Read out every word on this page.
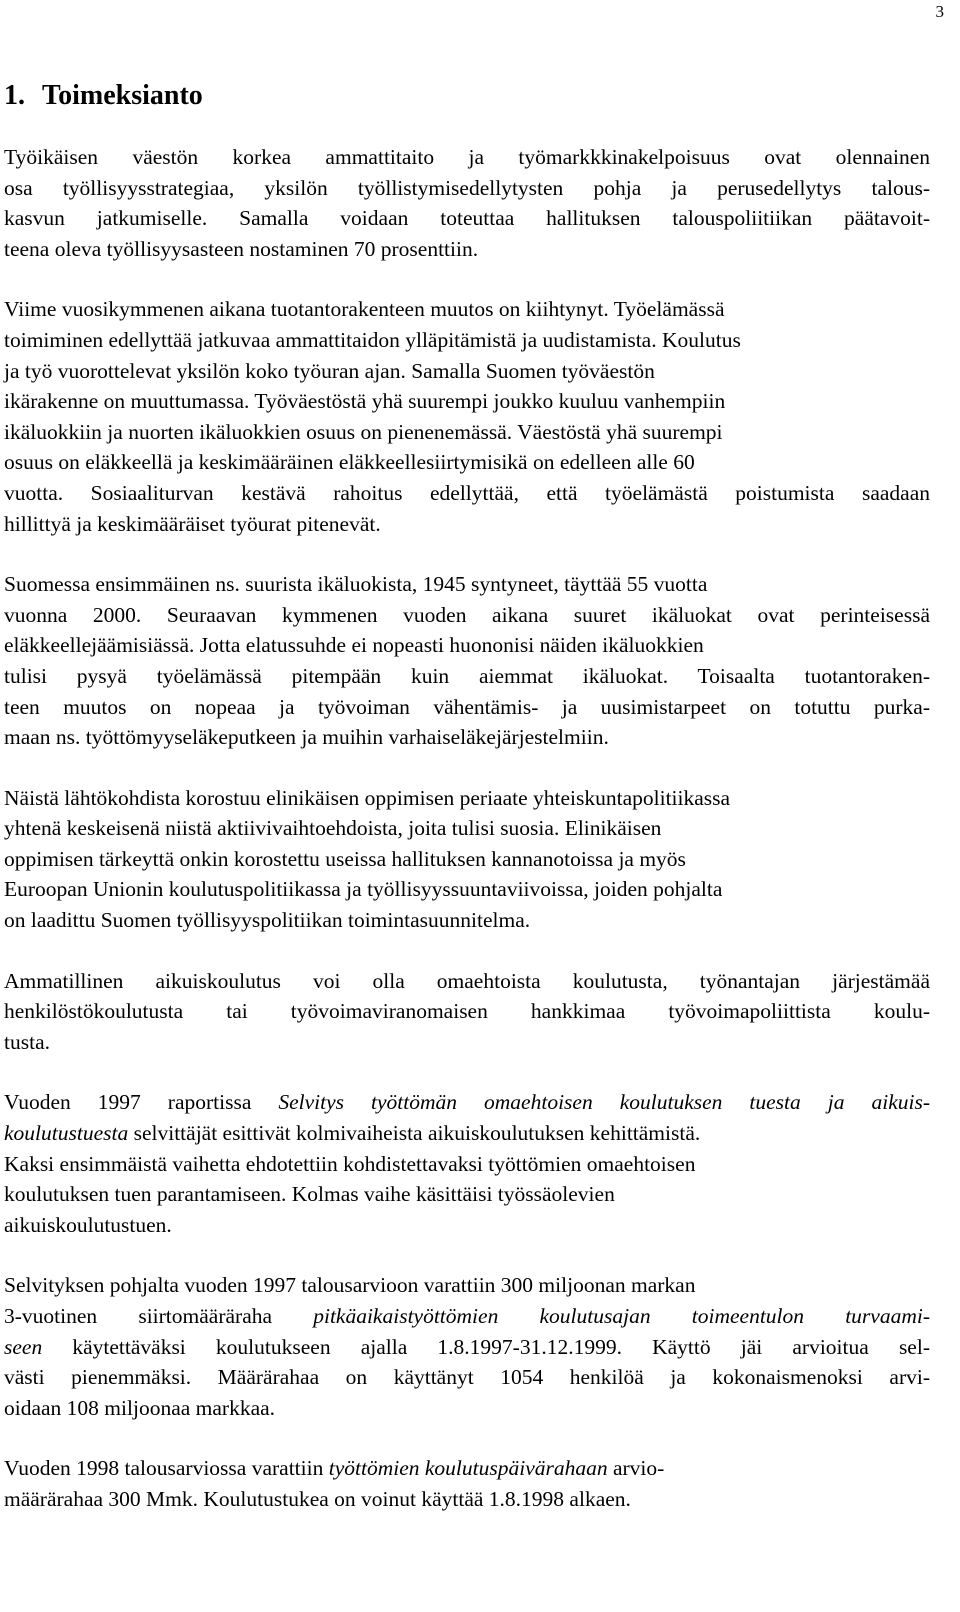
3
1. Toimeksianto
Työikäisen väestön korkea ammattitaito ja työmarkkkinakelpoisuus ovat olennainen
osa työllisyysstrategiaa, yksilön työllistymisedellytysten pohja ja perusedellytys talous-
kasvun jatkumiselle. Samalla voidaan toteuttaa hallituksen talouspoliitiikan päätavoit-
teena oleva työllisyysasteen nostaminen 70 prosenttiin.
Viime vuosikymmenen aikana tuotantorakenteen muutos on kiihtynyt. Työelämässä
toimiminen edellyttää jatkuvaa ammattitaidon ylläpitämistä ja uudistamista. Koulutus
ja työ vuorottelevat yksilön koko työuran ajan. Samalla Suomen työväestön
ikärakenne on muuttumassa. Työväestöstä yhä suurempi joukko kuuluu vanhempiin
ikäluokkiin ja nuorten ikäluokkien osuus on pienenemässä. Väestöstä yhä suurempi
osuus on eläkkeellä ja keskimääräinen eläkkeellesiirtymisikä on edelleen alle 60
vuotta. Sosiaaliturvan kestävä rahoitus edellyttää, että työelämästä poistumista saadaan
hillittyä ja keskimääräiset työurat pitenevät.
Suomessa ensimmäinen ns. suurista ikäluokista, 1945 syntyneet, täyttää 55 vuotta
vuonna 2000. Seuraavan kymmenen vuoden aikana suuret ikäluokat ovat perinteisessä
eläkkeellejäämisiässä. Jotta elatussuhde ei nopeasti huononisi näiden ikäluokkien
tulisi pysyä työelämässä pitempään kuin aiemmat ikäluokat. Toisaalta tuotantoraken-
teen muutos on nopeaa ja työvoiman vähentämis- ja uusimistarpeet on totuttu purka-
maan ns. työttömyyseläkeputkeen ja muihin varhaiseläkejärjestelmiin.
Näistä lähtökohdista korostuu elinikäisen oppimisen periaate yhteiskuntapolitiikassa
yhtenä keskeisenä niistä aktiivivaihtoehdoista, joita tulisi suosia. Elinikäisen
oppimisen tärkeyttä onkin korostettu useissa hallituksen kannanotoissa ja myös
Euroopan Unionin koulutuspolitiikassa ja työllisyyssuuntaviivoissa, joiden pohjalta
on laadittu Suomen työllisyyspolitiikan toimintasuunnitelma.
Ammatillinen aikuiskoulutus voi olla omaehtoista koulutusta, työnantajan järjestämää
henkilöstökoulutusta tai työvoimaviranomaisen hankkimaa työvoimapoliittista koulu-
tusta.
Vuoden 1997 raportissa Selvitys työttömän omaehtoisen koulutuksen tuesta ja aikuis-
koulutustuesta selvittäjät esittivät kolmivaiheista aikuiskoulutuksen kehittämistä.
Kaksi ensimmäistä vaihetta ehdotettiin kohdistettavaksi työttömien omaehtoisen
koulutuksen tuen parantamiseen. Kolmas vaihe käsittäisi työssäolevien
aikuiskoulutustuen.
Selvityksen pohjalta vuoden 1997 talousarvioon varattiin 300 miljoonan markan
3-vuotinen siirtomääräraha pitkäaikaistyöttömien koulutusajan toimeentulon turvaami-
seen käytettäväksi koulutukseen ajalla 1.8.1997-31.12.1999. Käyttö jäi arvioitua sel-
västi pienemmäksi. Määrärahaa on käyttänyt 1054 henkilöä ja kokonaismenoksi arvi-
oidaan 108 miljoonaa markkaa.
Vuoden 1998 talousarviossa varattiin työttömien koulutuspäivärahaan arvio-
määrärahaa 300 Mmk. Koulutustukea on voinut käyttää 1.8.1998 alkaen.
